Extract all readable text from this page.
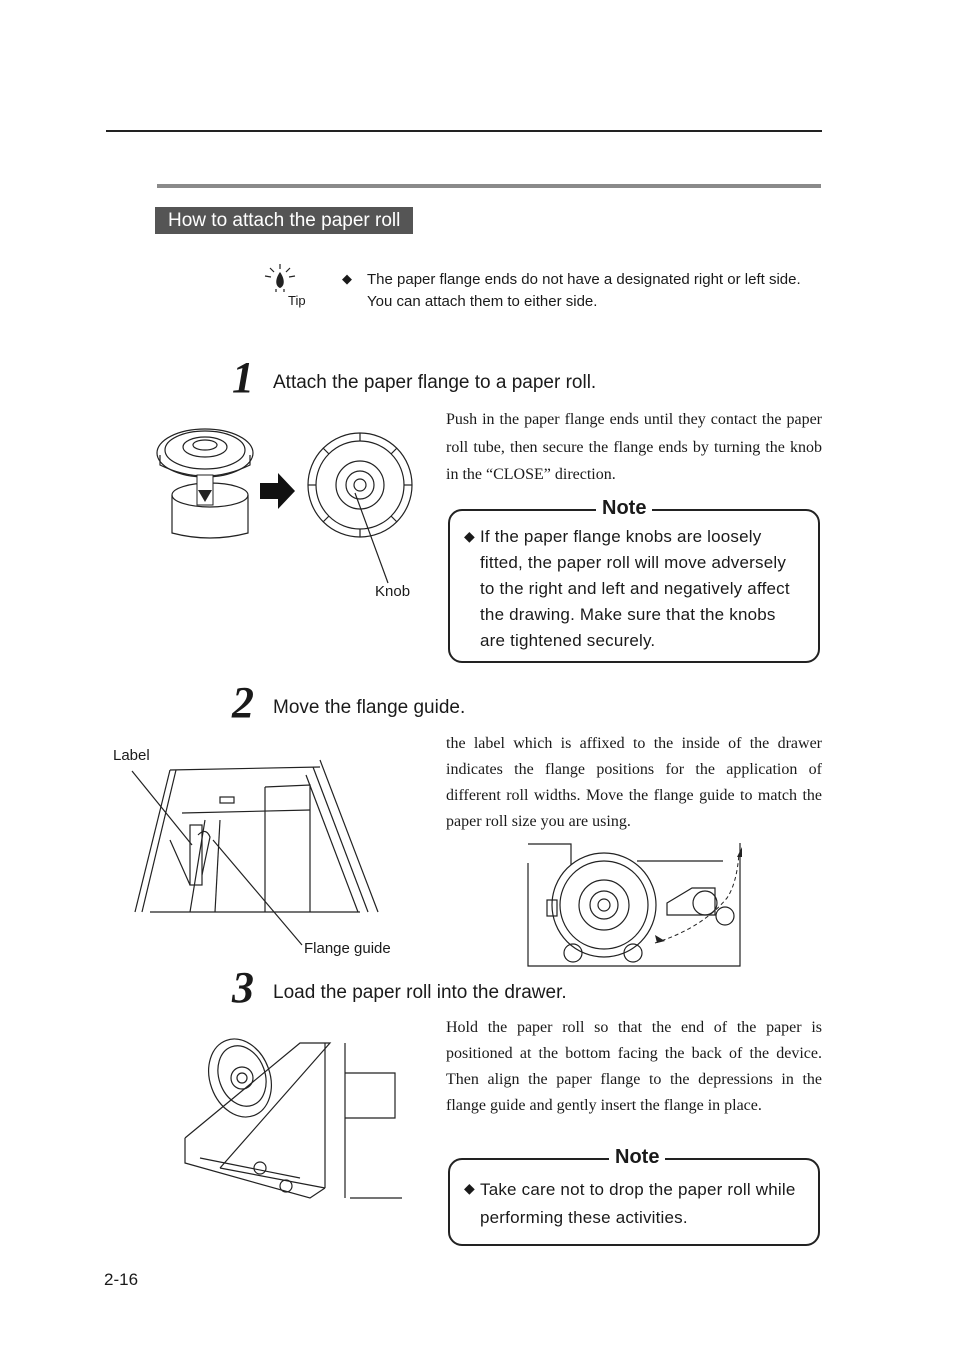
How to attach the paper roll
Tip
◆ The paper flange ends do not have a designated right or left side. You can attach them to either side.
1 Attach the paper flange to a paper roll.
Push in the paper flange ends until they contact the paper roll tube, then secure the flange ends by turning the knob in the “CLOSE” direction.
Knob
Note
◆ If the paper flange knobs are loosely fitted, the paper roll will move adversely to the right and left and negatively affect the drawing. Make sure that the knobs are tightened securely.
2 Move the flange guide.
the label which is affixed to the inside of the drawer indicates the flange positions for the application of different roll widths. Move the flange guide to match the paper roll size you are using.
Label
Flange guide
3 Load the paper roll into the drawer.
Hold the paper roll so that the end of the paper is positioned at the bottom facing the back of the device. Then align the paper flange to the depressions in the flange guide and gently insert the flange in place.
Note
◆ Take care not to drop the paper roll while performing these activities.
2-16
